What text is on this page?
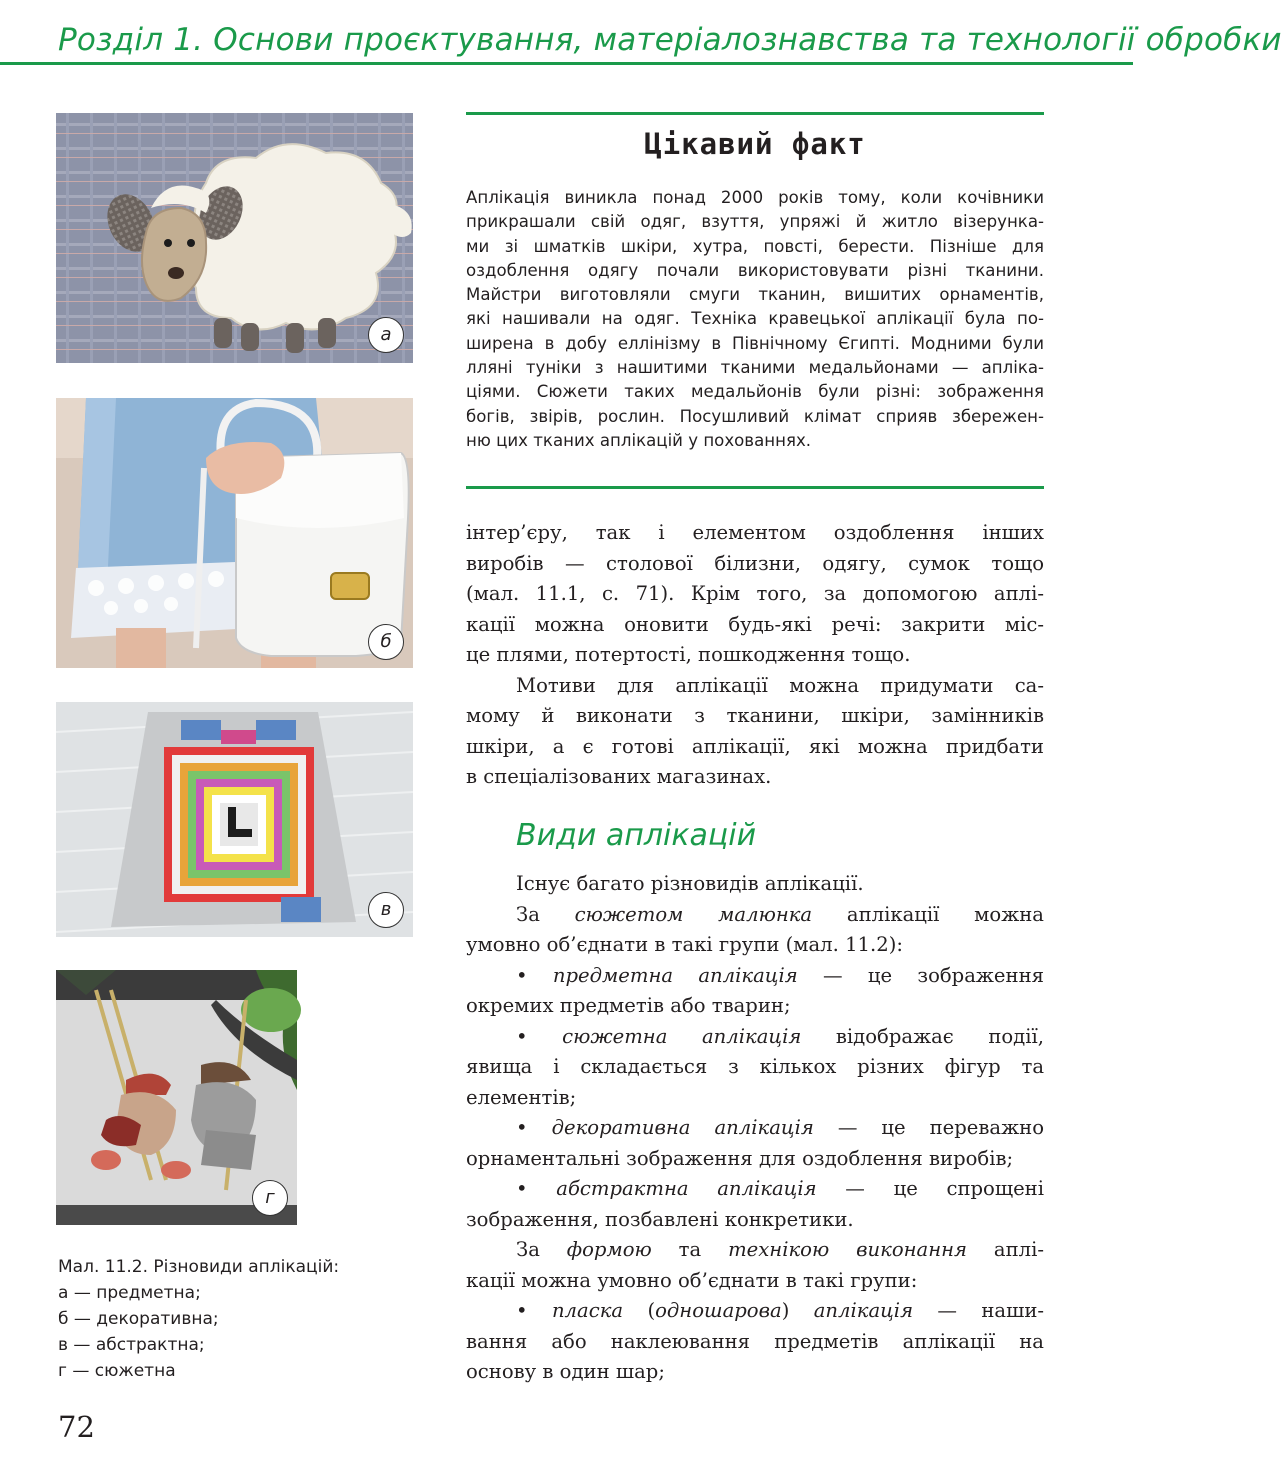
Розділ 1. Основи проєктування, матеріалознавства та технології обробки
а
б
в
г
Мал. 11.2. Різновиди аплікацій:
а — предметна;
б — декоративна;
в — абстрактна;
г — сюжетна
72
Цікавий факт
Аплікація виникла понад 2000 років тому, коли кочівники
прикрашали свій одяг, взуття, упряжі й житло візерунка-
ми зі шматків шкіри, хутра, повсті, берести. Пізніше для
оздоблення одягу почали використовувати різні тканини.
Майстри виготовляли смуги тканин, вишитих орнаментів,
які нашивали на одяг. Техніка кравецької аплікації була по-
ширена в добу еллінізму в Північному Єгипті. Модними були
лляні туніки з нашитими тканими медальйонами — апліка-
ціями. Сюжети таких медальйонів були різні: зображення
богів, звірів, рослин. Посушливий клімат сприяв збережен-
ню цих тканих аплікацій у похованнях.
інтер’єру, так і елементом оздоблення інших
виробів — столової білизни, одягу, сумок тощо
(мал. 11.1, с. 71). Крім того, за допомогою аплі-
кації можна оновити будь-які речі: закрити міс-
це плями, потертості, пошкодження тощо.
Мотиви для аплікації можна придумати са-
мому й виконати з тканини, шкіри, замінників
шкіри, а є готові аплікації, які можна придбати
в спеціалізованих магазинах.
Види аплікацій
Існує багато різновидів аплікації.
За сюжетом малюнка аплікації можна
умовно об’єднати в такі групи (мал. 11.2):
• предметна аплікація — це зображення
окремих предметів або тварин;
• сюжетна аплікація відображає події,
явища і складається з кількох різних фігур та
елементів;
• декоративна аплікація — це переважно
орнаментальні зображення для оздоблення виробів;
• абстрактна аплікація — це спрощені
зображення, позбавлені конкретики.
За формою та технікою виконання аплі-
кації можна умовно об’єднати в такі групи:
• пласка (одношарова) аплікація — наши-
вання або наклеювання предметів аплікації на
основу в один шар;
